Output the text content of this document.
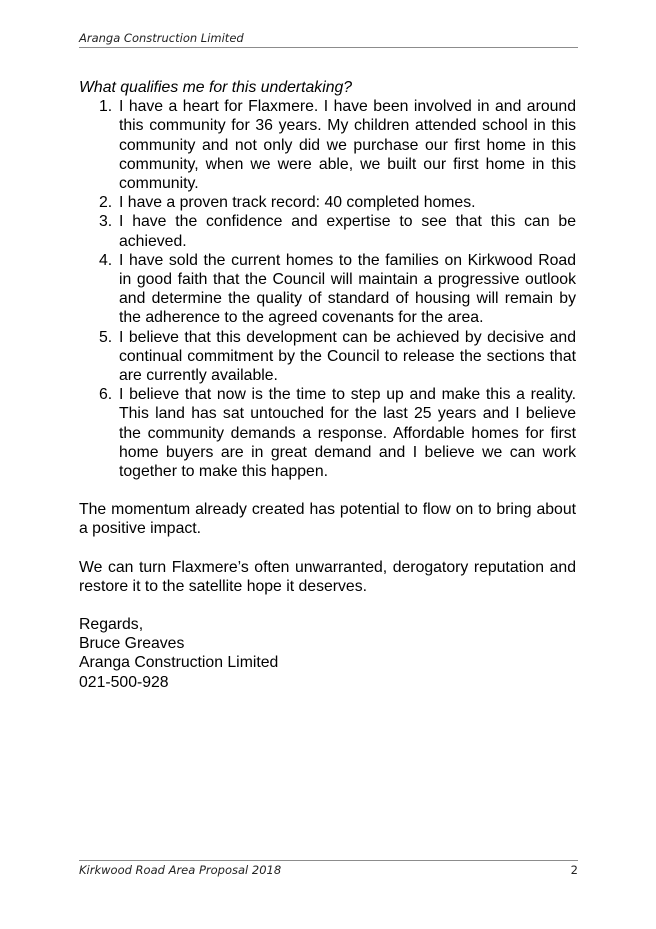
Aranga Construction Limited

What qualifies me for this undertaking?

1. I have a heart for Flaxmere. I have been involved in and around this community for 36 years. My children attended school in this community and not only did we purchase our first home in this community, when we were able, we built our first home in this community.
2. I have a proven track record: 40 completed homes.
3. I have the confidence and expertise to see that this can be achieved.
4. I have sold the current homes to the families on Kirkwood Road in good faith that the Council will maintain a progressive outlook and determine the quality of standard of housing will remain by the adherence to the agreed covenants for the area.
5. I believe that this development can be achieved by decisive and continual commitment by the Council to release the sections that are currently available.
6. I believe that now is the time to step up and make this a reality. This land has sat untouched for the last 25 years and I believe the community demands a response. Affordable homes for first home buyers are in great demand and I believe we can work together to make this happen.

The momentum already created has potential to flow on to bring about a positive impact.

We can turn Flaxmere’s often unwarranted, derogatory reputation and restore it to the satellite hope it deserves.

Regards,
Bruce Greaves
Aranga Construction Limited
021-500-928
Kirkwood Road Area Proposal 2018	2
